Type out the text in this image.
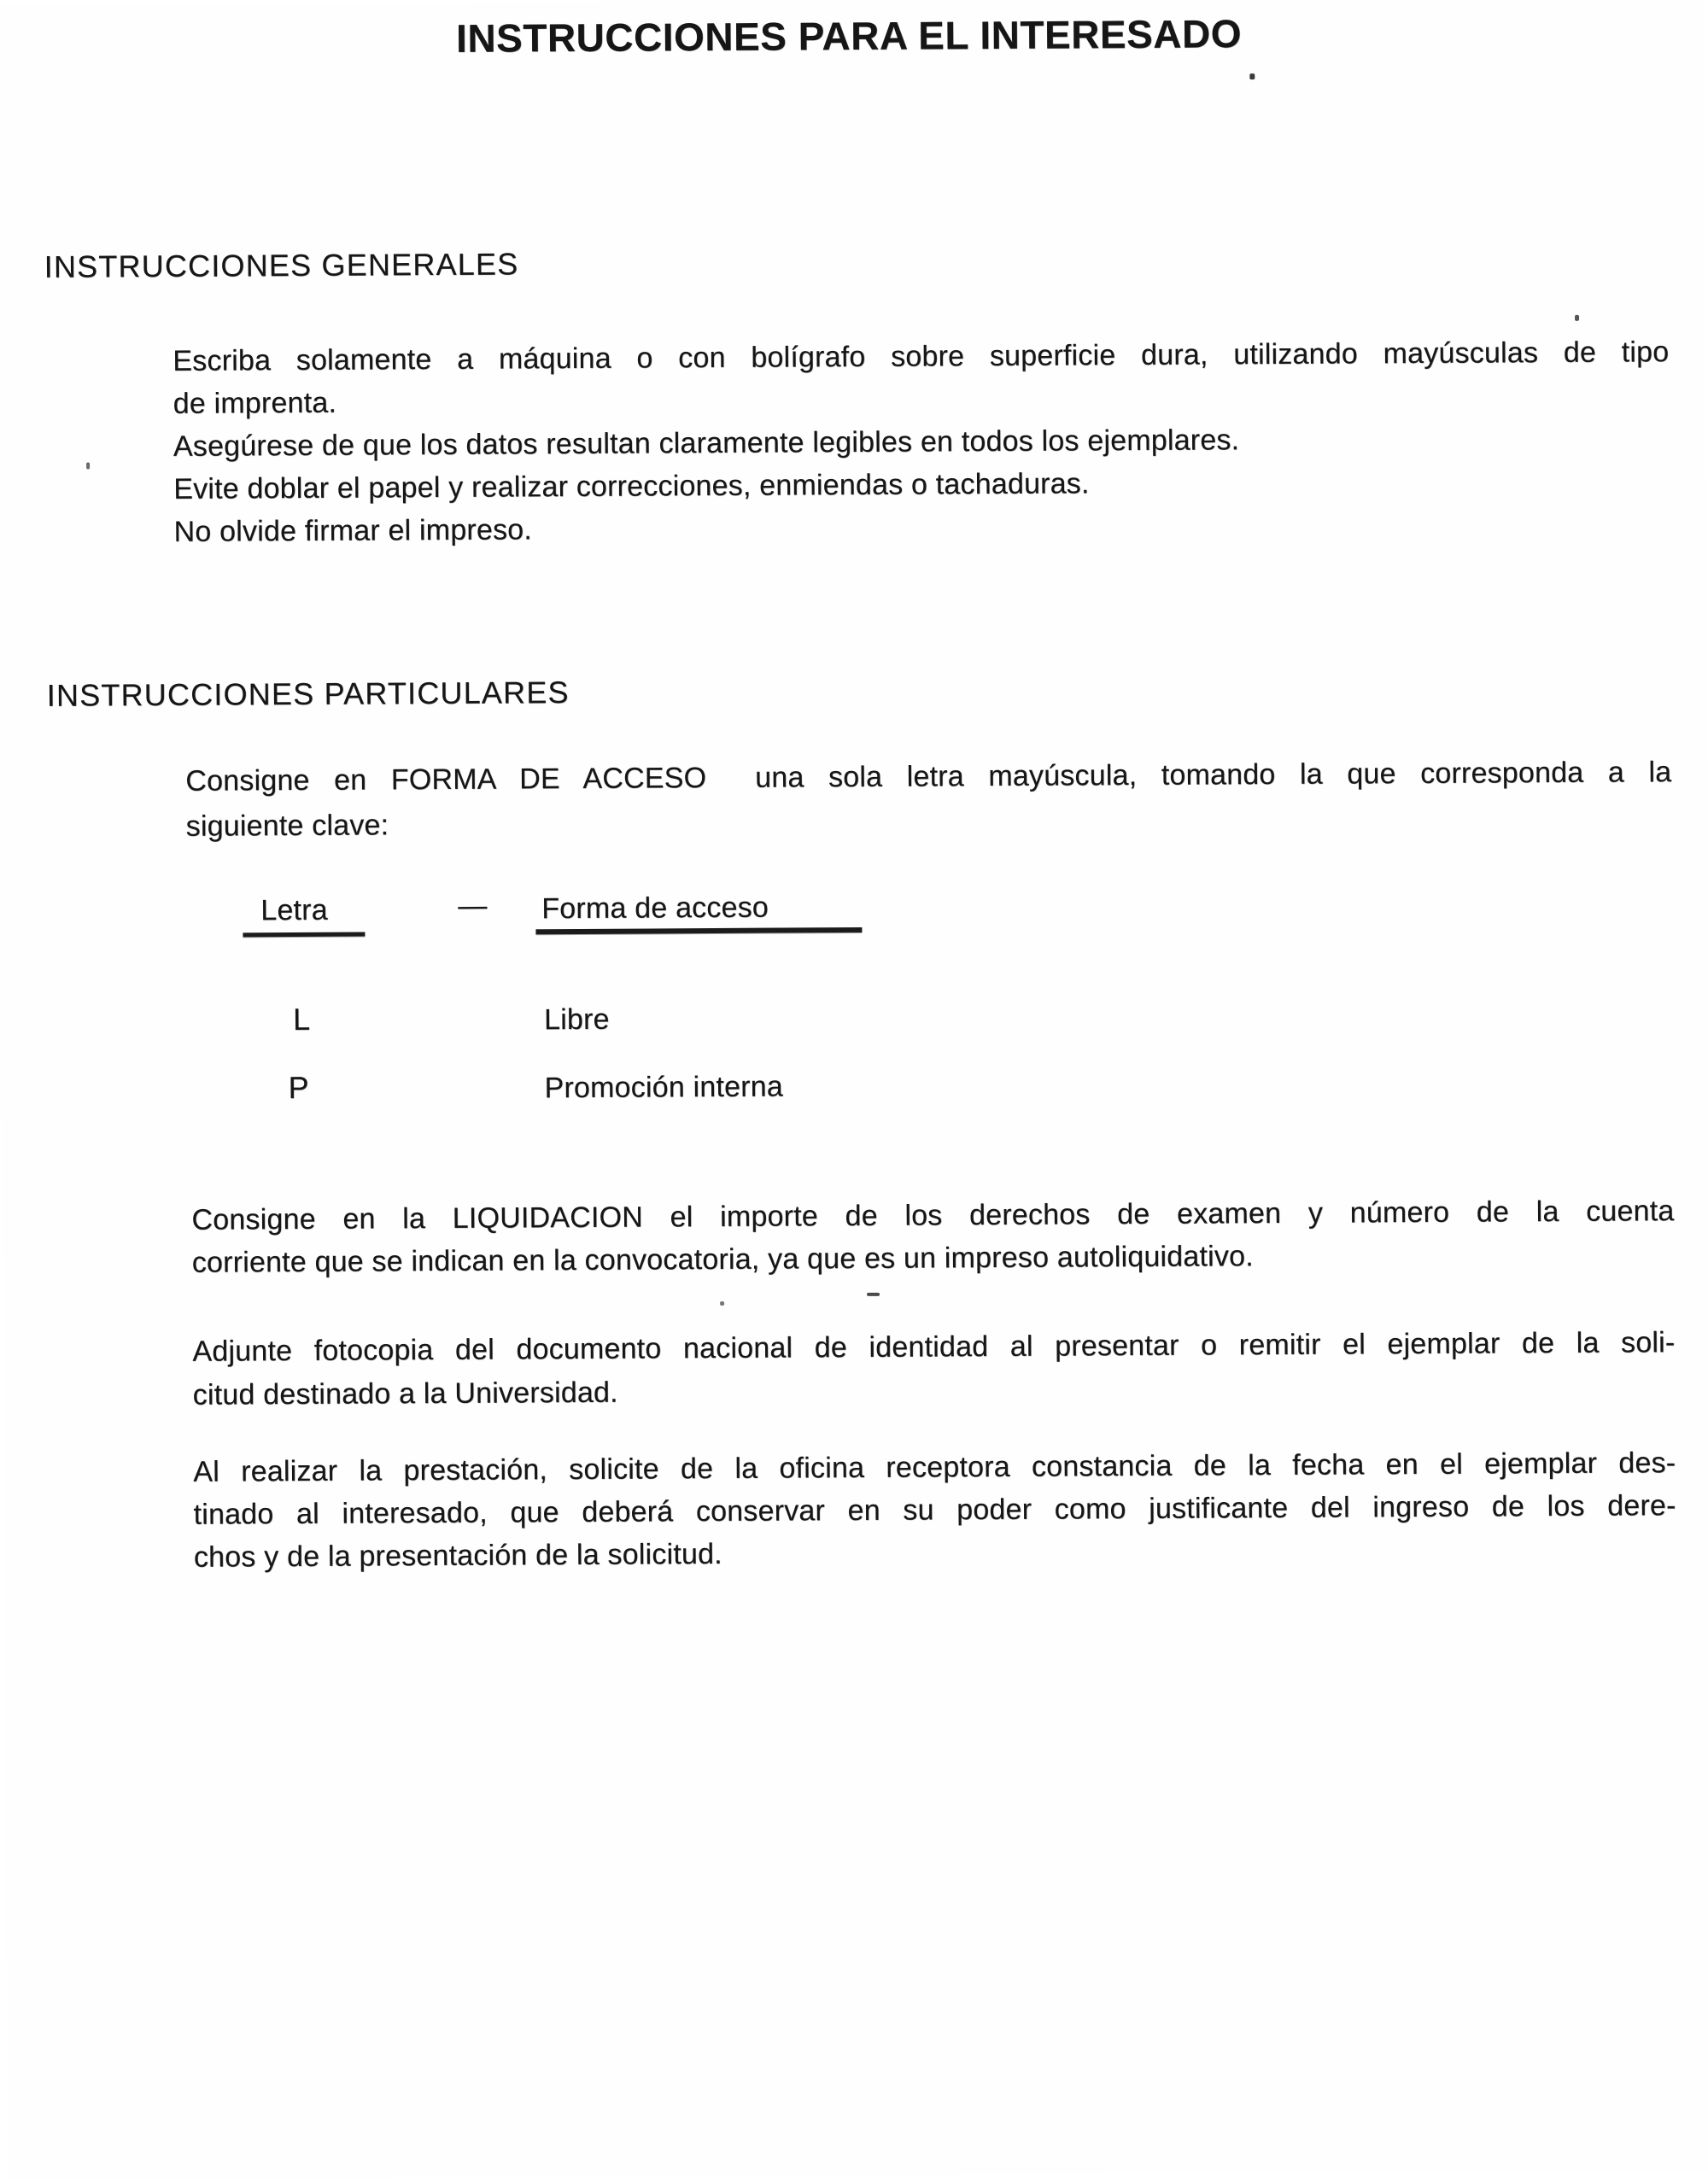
INSTRUCCIONES PARA EL INTERESADO
INSTRUCCIONES GENERALES
Escriba solamente a máquina o con bolígrafo sobre superficie dura, utilizando mayúsculas de tipo
de imprenta.
Asegúrese de que los datos resultan claramente legibles en todos los ejemplares.
Evite doblar el papel y realizar correcciones, enmiendas o tachaduras.
No olvide firmar el impreso.
INSTRUCCIONES PARTICULARES
Consigne en FORMA DE ACCESO  una sola letra mayúscula, tomando la que corresponda a la
siguiente clave:
Letra	— Forma de acceso
L	Libre
P	Promoción interna
Consigne en la LIQUIDACION el importe de los derechos de examen y número de la cuenta
corriente que se indican en la convocatoria, ya que es un impreso autoliquidativo.
Adjunte fotocopia del documento nacional de identidad al presentar o remitir el ejemplar de la soli-
citud destinado a la Universidad.
Al realizar la prestación, solicite de la oficina receptora constancia de la fecha en el ejemplar des-
tinado al interesado, que deberá conservar en su poder como justificante del ingreso de los dere-
chos y de la presentación de la solicitud.
